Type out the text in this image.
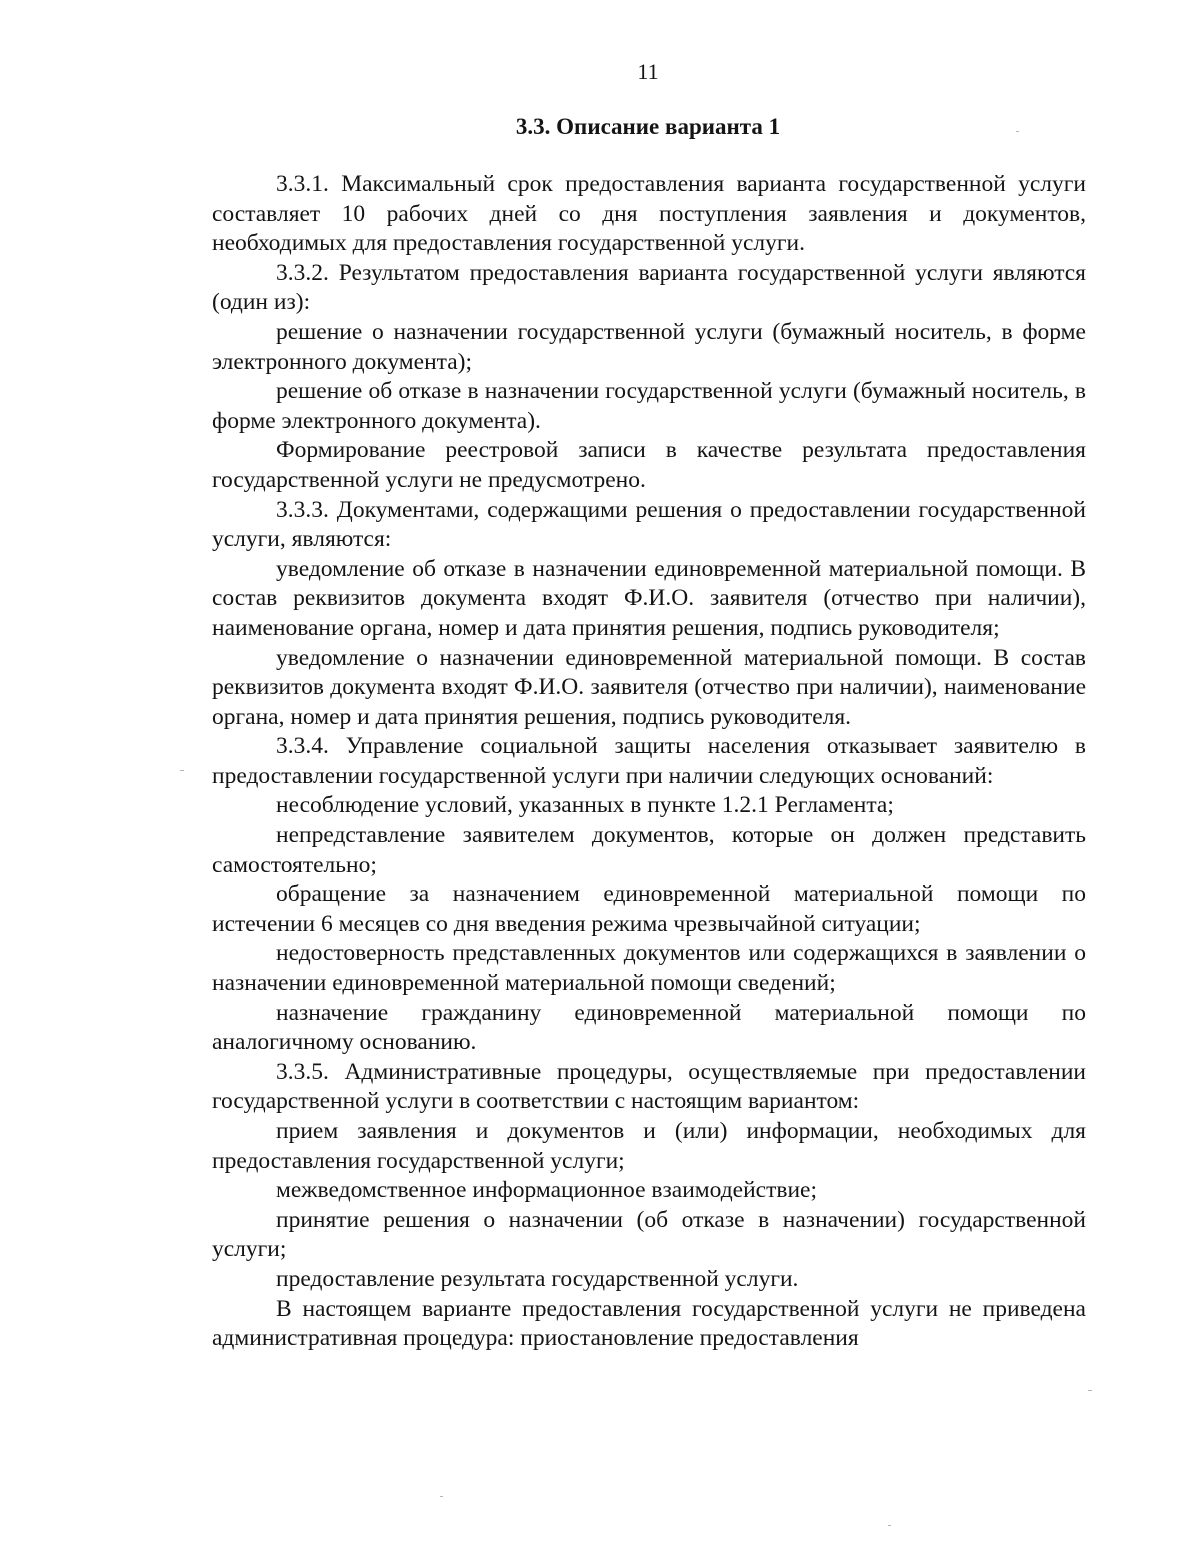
11
3.3. Описание варианта 1

3.3.1. Максимальный срок предоставления варианта государственной услуги составляет 10 рабочих дней со дня поступления заявления и документов, необходимых для предоставления государственной услуги.

3.3.2. Результатом предоставления варианта государственной услуги являются (один из):

решение о назначении государственной услуги (бумажный носитель, в форме электронного документа);

решение об отказе в назначении государственной услуги (бумажный носитель, в форме электронного документа).

Формирование реестровой записи в качестве результата предоставления государственной услуги не предусмотрено.

3.3.3. Документами, содержащими решения о предоставлении государственной услуги, являются:

уведомление об отказе в назначении единовременной материальной помощи. В состав реквизитов документа входят Ф.И.О. заявителя (отчество при наличии), наименование органа, номер и дата принятия решения, подпись руководителя;

уведомление о назначении единовременной материальной помощи. В состав реквизитов документа входят Ф.И.О. заявителя (отчество при наличии), наименование органа, номер и дата принятия решения, подпись руководителя.

3.3.4. Управление социальной защиты населения отказывает заявителю в предоставлении государственной услуги при наличии следующих оснований:

несоблюдение условий, указанных в пункте 1.2.1 Регламента;

непредставление заявителем документов, которые он должен представить самостоятельно;

обращение за назначением единовременной материальной помощи по истечении 6 месяцев со дня введения режима чрезвычайной ситуации;

недостоверность представленных документов или содержащихся в заявлении о назначении единовременной материальной помощи сведений;

назначение гражданину единовременной материальной помощи по аналогичному основанию.

3.3.5. Административные процедуры, осуществляемые при предоставлении государственной услуги в соответствии с настоящим вариантом:

прием заявления и документов и (или) информации, необходимых для предоставления государственной услуги;

межведомственное информационное взаимодействие;

принятие решения о назначении (об отказе в назначении) государственной услуги;

предоставление результата государственной услуги.

В настоящем варианте предоставления государственной услуги не приведена административная процедура: приостановление предоставления
